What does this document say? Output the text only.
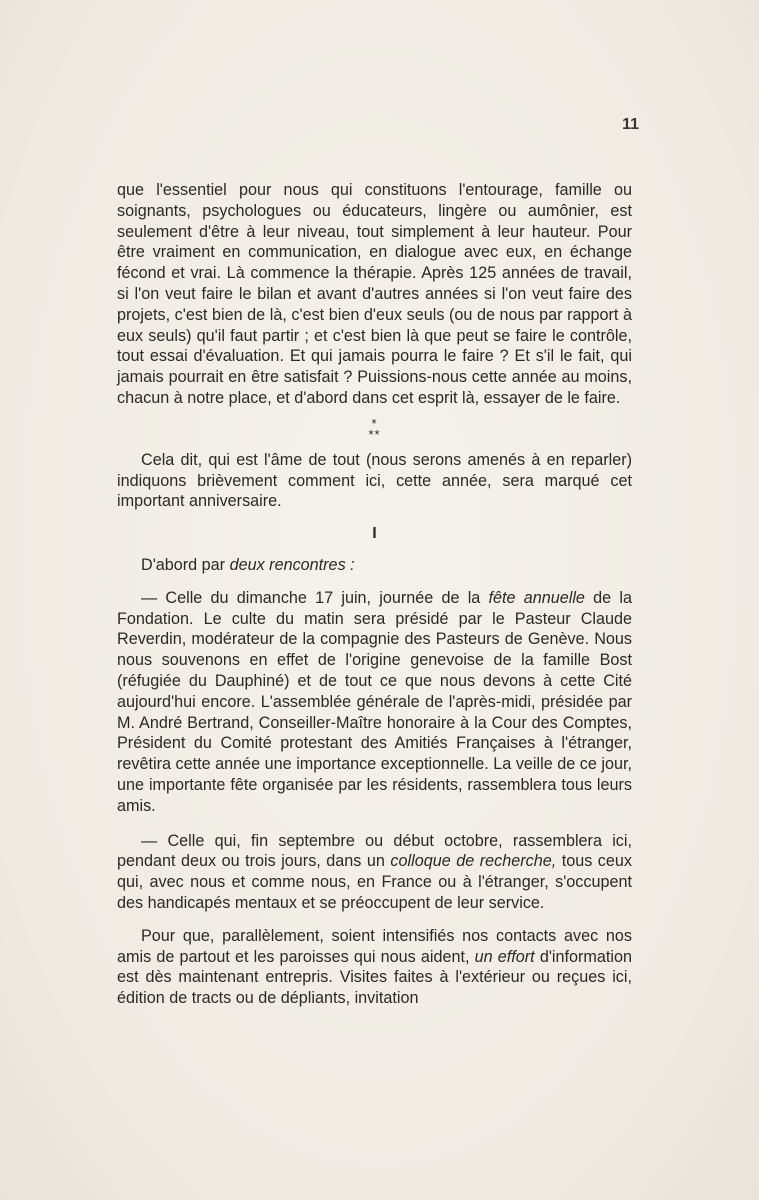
11

que l'essentiel pour nous qui constituons l'entourage, famille ou soignants, psychologues ou éducateurs, lingère ou aumônier, est seulement d'être à leur niveau, tout simplement à leur hauteur. Pour être vraiment en communication, en dialogue avec eux, en échange fécond et vrai. Là commence la thérapie. Après 125 années de travail, si l'on veut faire le bilan et avant d'autres années si l'on veut faire des projets, c'est bien de là, c'est bien d'eux seuls (ou de nous par rapport à eux seuls) qu'il faut partir ; et c'est bien là que peut se faire le contrôle, tout essai d'évaluation. Et qui jamais pourra le faire ? Et s'il le fait, qui jamais pourrait en être satisfait ? Puissions-nous cette année au moins, chacun à notre place, et d'abord dans cet esprit là, essayer de le faire.

*
**

Cela dit, qui est l'âme de tout (nous serons amenés à en reparler) indiquons brièvement comment ici, cette année, sera marqué cet important anniversaire.

I

D'abord par deux rencontres :

— Celle du dimanche 17 juin, journée de la fête annuelle de la Fondation. Le culte du matin sera présidé par le Pasteur Claude Reverdin, modérateur de la compagnie des Pasteurs de Genève. Nous nous souvenons en effet de l'origine genevoise de la famille Bost (réfugiée du Dauphiné) et de tout ce que nous devons à cette Cité aujourd'hui encore. L'assemblée générale de l'après-midi, présidée par M. André Bertrand, Conseiller-Maître honoraire à la Cour des Comptes, Président du Comité protestant des Amitiés Françaises à l'étranger, revêtira cette année une importance exceptionnelle. La veille de ce jour, une importante fête organisée par les résidents, rassemblera tous leurs amis.

— Celle qui, fin septembre ou début octobre, rassemblera ici, pendant deux ou trois jours, dans un colloque de recherche, tous ceux qui, avec nous et comme nous, en France ou à l'étranger, s'occupent des handicapés mentaux et se préoccupent de leur service.

Pour que, parallèlement, soient intensifiés nos contacts avec nos amis de partout et les paroisses qui nous aident, un effort d'information est dès maintenant entrepris. Visites faites à l'extérieur ou reçues ici, édition de tracts ou de dépliants, invitation
